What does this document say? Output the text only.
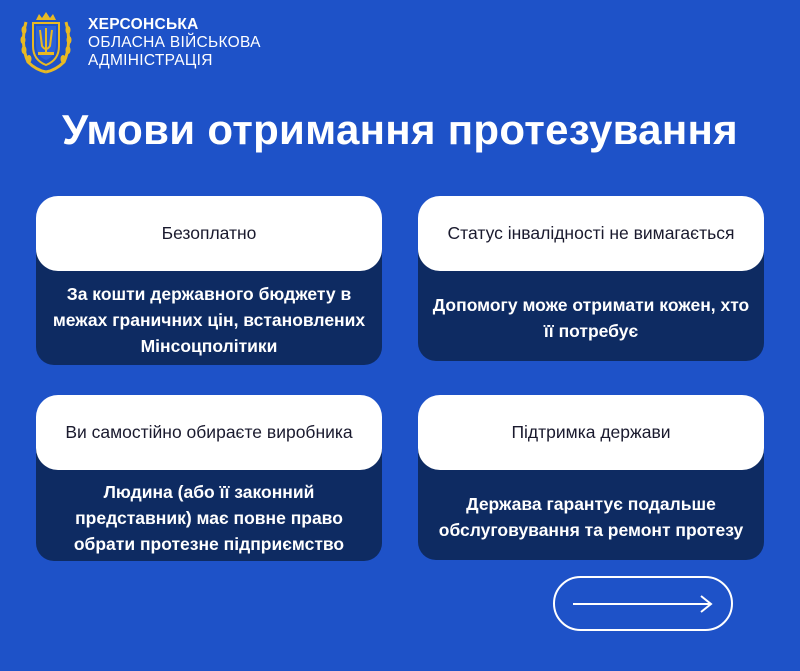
ХЕРСОНСЬКА
ОБЛАСНА ВІЙСЬКОВА
АДМІНІСТРАЦІЯ
Умови отримання протезування
Безоплатно
За кошти державного бюджету в межах граничних цін, встановлених Мінсоцполітики
Статус інвалідності не вимагається
Допомогу може отримати кожен, хто її потребує
Ви самостійно обираєте виробника
Людина (або її законний представник) має повне право обрати протезне підприємство
Підтримка держави
Держава гарантує подальше обслуговування та ремонт протезу
